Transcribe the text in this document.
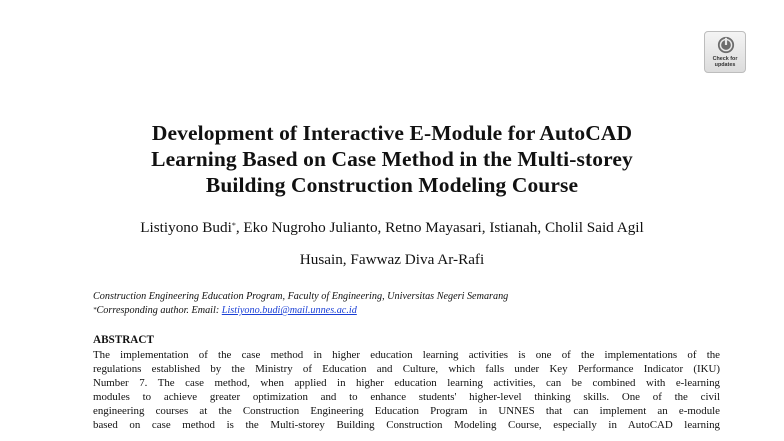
Check for
updates
Development of Interactive E-Module for AutoCAD
Learning Based on Case Method in the Multi-storey
Building Construction Modeling Course
Listiyono Budi*, Eko Nugroho Julianto, Retno Mayasari, Istianah, Cholil Said Agil
Husain, Fawwaz Diva Ar-Rafi
Construction Engineering Education Program, Faculty of Engineering, Universitas Negeri Semarang
*Corresponding author. Email: Listiyono.budi@mail.unnes.ac.id
ABSTRACT
The implementation of the case method in higher education learning activities is one of the implementations of the
regulations established by the Ministry of Education and Culture, which falls under Key Performance Indicator (IKU)
Number 7. The case method, when applied in higher education learning activities, can be combined with e-learning
modules to achieve greater optimization and to enhance students' higher-level thinking skills. One of the civil
engineering courses at the Construction Engineering Education Program in UNNES that can implement an e-module
based on case method is the Multi-storey Building Construction Modeling Course, especially in AutoCAD learning
